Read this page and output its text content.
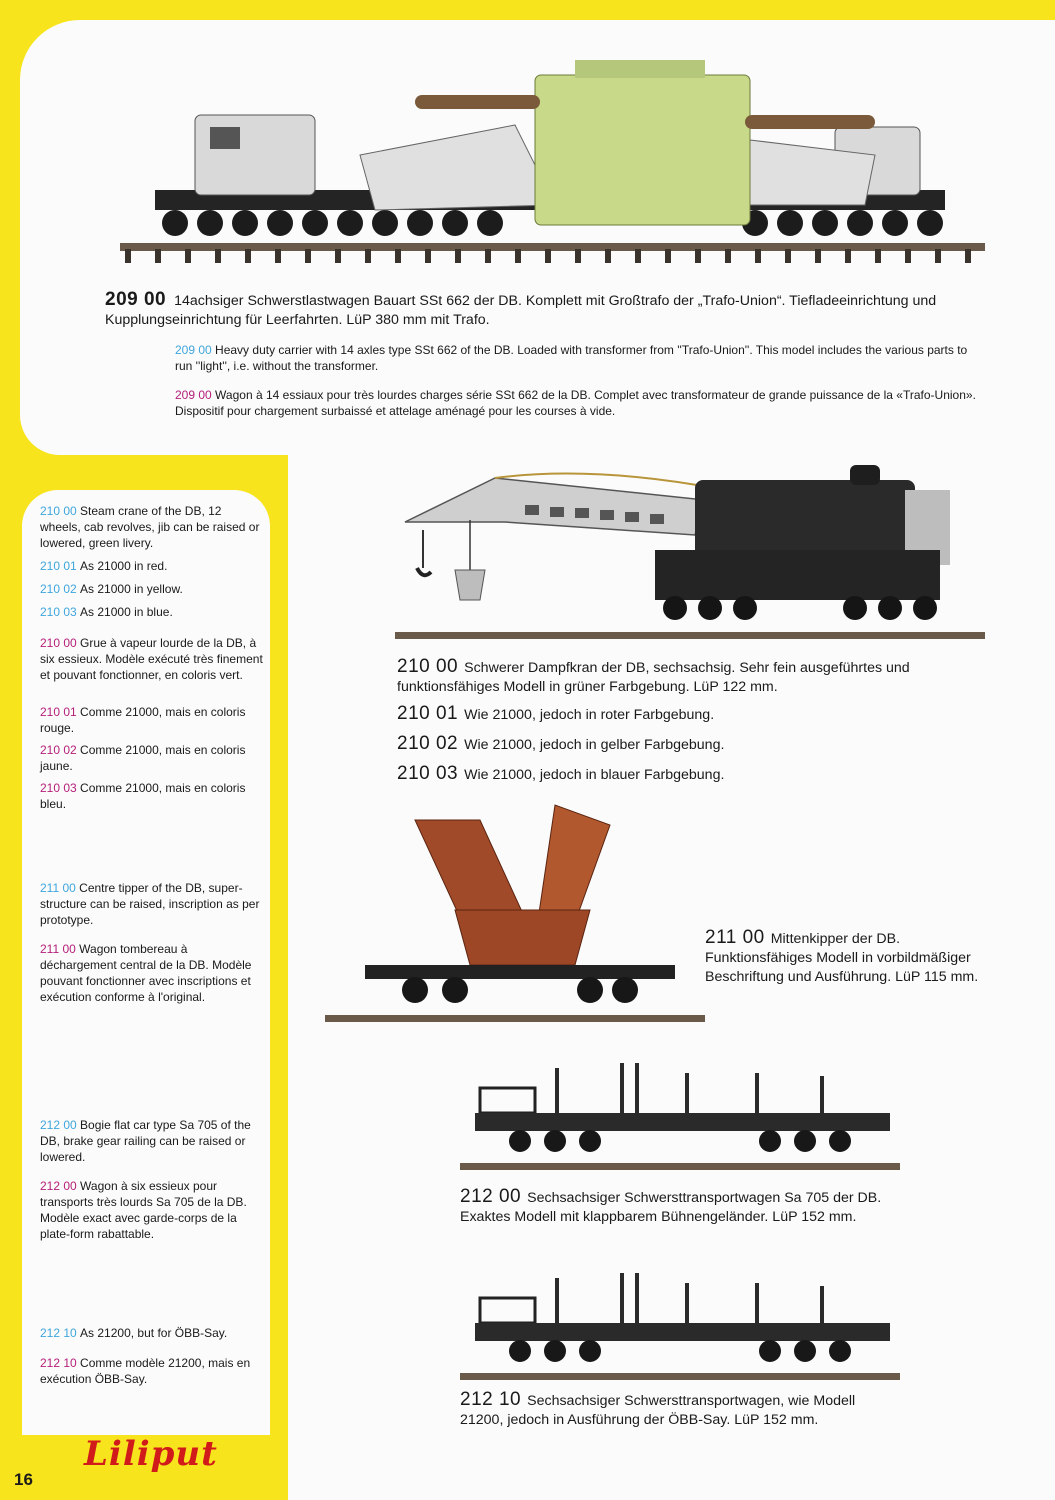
209 00 14achsiger Schwerstlastwagen Bauart SSt 662 der DB. Komplett mit Großtrafo der „Trafo-Union“. Tiefladeeinrichtung und Kupplungseinrichtung für Leerfahrten. LüP 380 mm mit Trafo.
209 00 Heavy duty carrier with 14 axles type SSt 662 of the DB. Loaded with transformer from ''Trafo-Union''. This model includes the various parts to run ''light'', i.e. without the transformer.
209 00 Wagon à 14 essiaux pour très lourdes charges série SSt 662 de la DB. Complet avec transformateur de grande puissance de la «Trafo-Union». Dispositif pour chargement surbaissé et attelage aménagé pour les courses à vide.
210 00 Steam crane of the DB, 12 wheels, cab revolves, jib can be raised or lowered, green livery.
210 01 As 21000 in red.
210 02 As 21000 in yellow.
210 03 As 21000 in blue.
210 00 Grue à vapeur lourde de la DB, à six essieux. Modèle exécuté très finement et pouvant fonctionner, en coloris vert.
210 01 Comme 21000, mais en coloris rouge.
210 02 Comme 21000, mais en coloris jaune.
210 03 Comme 21000, mais en coloris bleu.
211 00 Centre tipper of the DB, super-structure can be raised, inscription as per prototype.
211 00 Wagon tombereau à déchargement central de la DB. Modèle pouvant fonctionner avec inscriptions et exécution conforme à l'original.
212 00 Bogie flat car type Sa 705 of the DB, brake gear railing can be raised or lowered.
212 00 Wagon à six essieux pour transports très lourds Sa 705 de la DB. Modèle exact avec garde-corps de la plate-form rabattable.
212 10 As 21200, but for ÖBB-Say.
212 10 Comme modèle 21200, mais en exécution ÖBB-Say.
210 00 Schwerer Dampfkran der DB, sechsachsig. Sehr fein ausgeführtes und funktionsfähiges Modell in grüner Farbgebung. LüP 122 mm.
210 01 Wie 21000, jedoch in roter Farbgebung.
210 02 Wie 21000, jedoch in gelber Farbgebung.
210 03 Wie 21000, jedoch in blauer Farbgebung.
211 00 Mittenkipper der DB. Funktionsfähiges Modell in vorbildmäßiger Beschriftung und Ausführung. LüP 115 mm.
212 00 Sechsachsiger Schwersttransportwagen Sa 705 der DB. Exaktes Modell mit klappbarem Bühnengeländer. LüP 152 mm.
212 10 Sechsachsiger Schwersttransportwagen, wie Modell 21200, jedoch in Ausführung der ÖBB-Say. LüP 152 mm.
Liliput
16
